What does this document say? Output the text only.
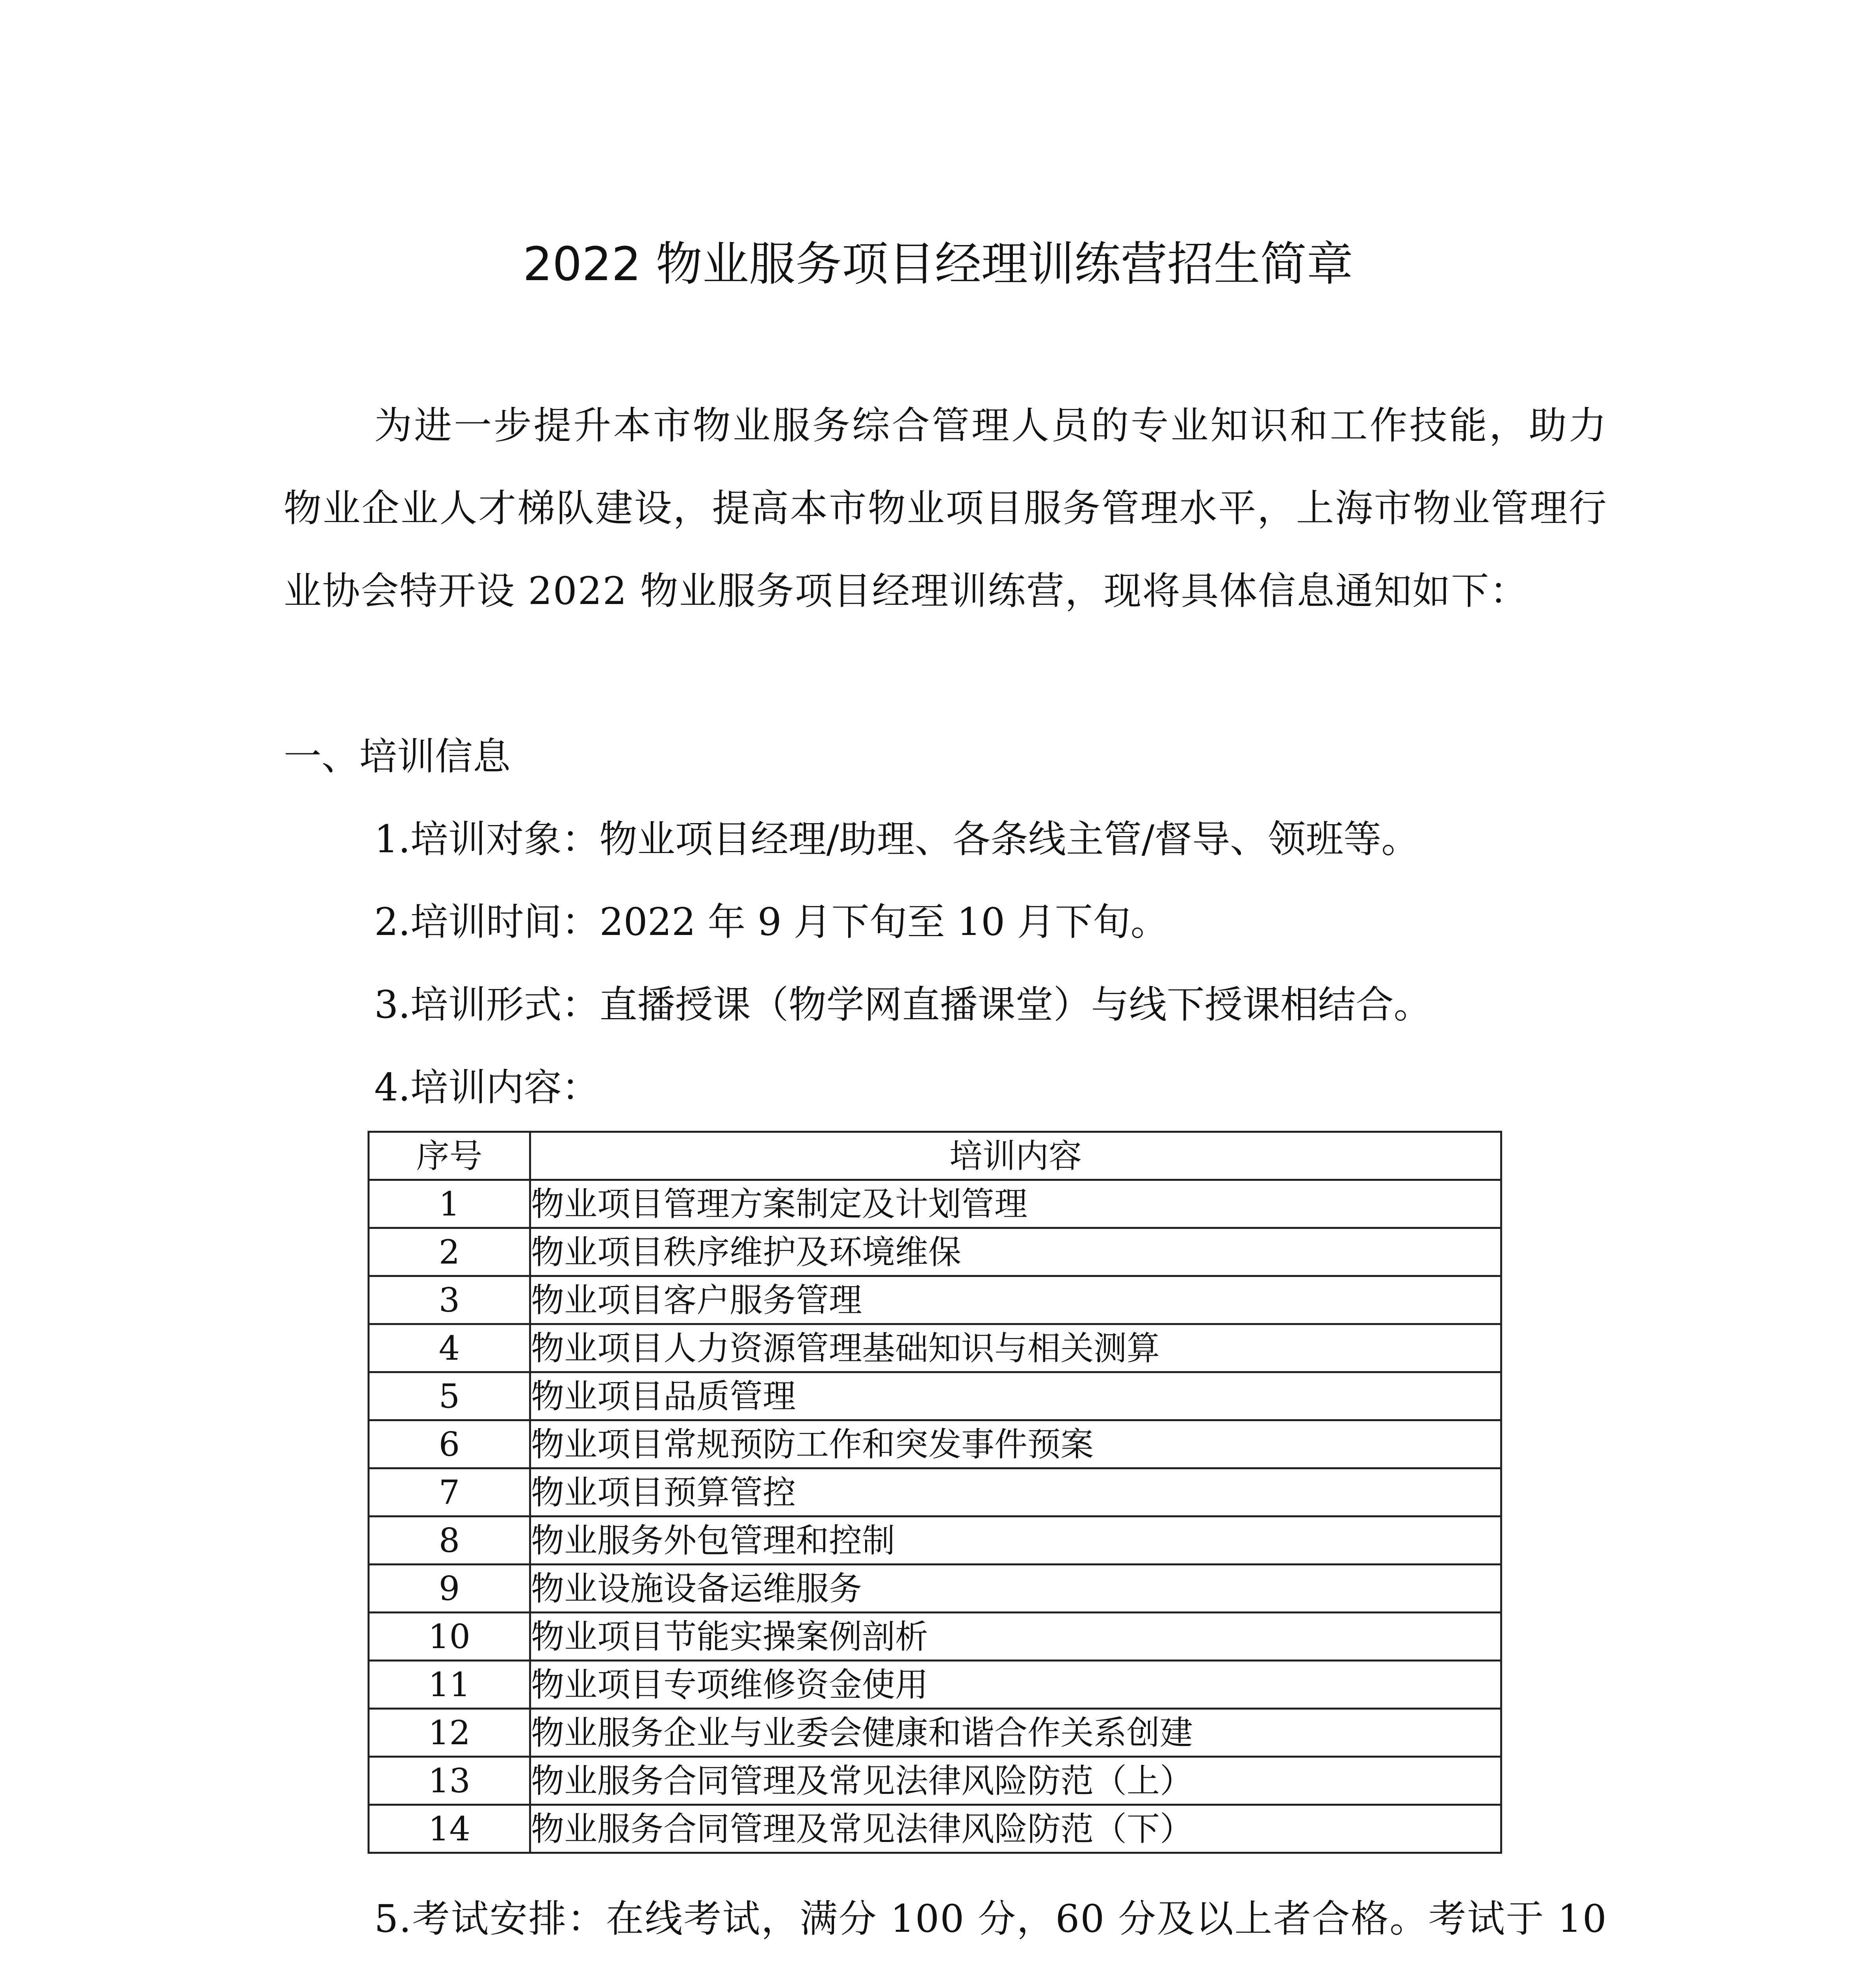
2022 物业服务项目经理训练营招生简章

为进一步提升本市物业服务综合管理人员的专业知识和工作技能，助力物业企业人才梯队建设，提高本市物业项目服务管理水平，上海市物业管理行业协会特开设 2022 物业服务项目经理训练营，现将具体信息通知如下：

一、培训信息

1.培训对象：物业项目经理/助理、各条线主管/督导、领班等。

2.培训时间：2022 年 9 月下旬至 10 月下旬。

3.培训形式：直播授课（物学网直播课堂）与线下授课相结合。

4.培训内容：

序号	培训内容
1	物业项目管理方案制定及计划管理
2	物业项目秩序维护及环境维保
3	物业项目客户服务管理
4	物业项目人力资源管理基础知识与相关测算
5	物业项目品质管理
6	物业项目常规预防工作和突发事件预案
7	物业项目预算管控
8	物业服务外包管理和控制
9	物业设施设备运维服务
10	物业项目节能实操案例剖析
11	物业项目专项维修资金使用
12	物业服务企业与业委会健康和谐合作关系创建
13	物业服务合同管理及常见法律风险防范（上）
14	物业服务合同管理及常见法律风险防范（下）

5.考试安排：在线考试，满分 100 分，60 分及以上者合格。考试于 10
